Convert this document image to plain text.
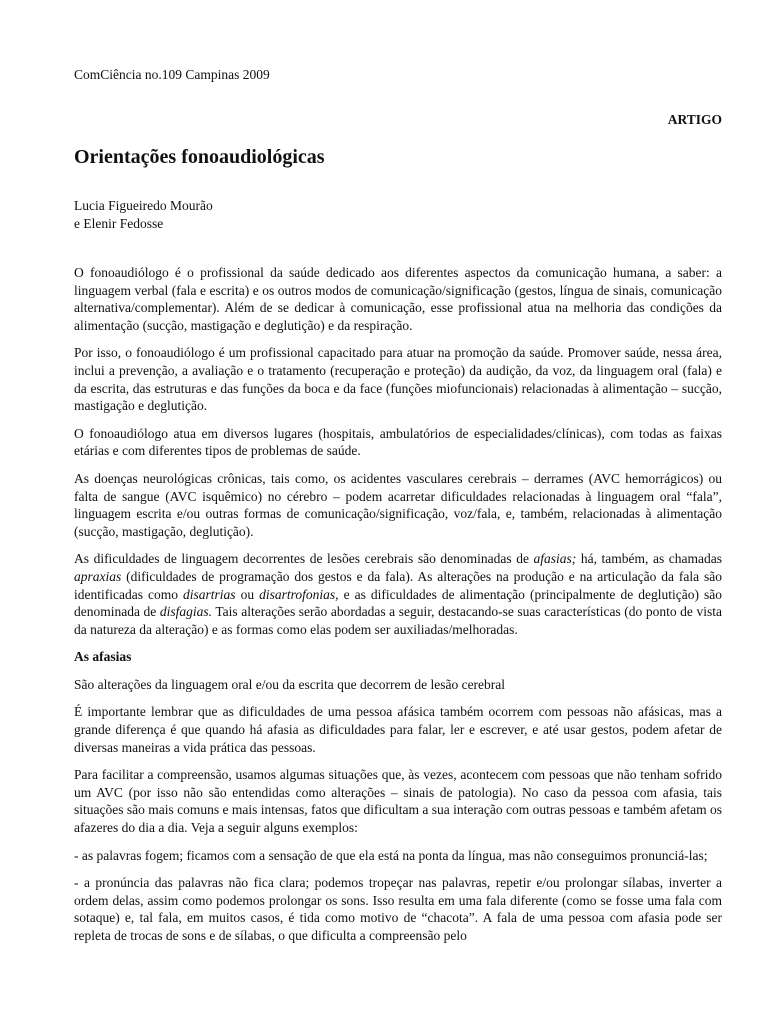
ComCiência no.109 Campinas 2009
ARTIGO
Orientações fonoaudiológicas
Lucia Figueiredo Mourão
e Elenir Fedosse

O fonoaudiólogo é o profissional da saúde dedicado aos diferentes aspectos da comunicação humana, a saber: a linguagem verbal (fala e escrita) e os outros modos de comunicação/significação (gestos, língua de sinais, comunicação alternativa/complementar). Além de se dedicar à comunicação, esse profissional atua na melhoria das condições da alimentação (sucção, mastigação e deglutição) e da respiração.

Por isso, o fonoaudiólogo é um profissional capacitado para atuar na promoção da saúde. Promover saúde, nessa área, inclui a prevenção, a avaliação e o tratamento (recuperação e proteção) da audição, da voz, da linguagem oral (fala) e da escrita, das estruturas e das funções da boca e da face (funções miofuncionais) relacionadas à alimentação – sucção, mastigação e deglutição.

O fonoaudiólogo atua em diversos lugares (hospitais, ambulatórios de especialidades/clínicas), com todas as faixas etárias e com diferentes tipos de problemas de saúde.

As doenças neurológicas crônicas, tais como, os acidentes vasculares cerebrais – derrames (AVC hemorrágicos) ou falta de sangue (AVC isquêmico) no cérebro – podem acarretar dificuldades relacionadas à linguagem oral “fala”, linguagem escrita e/ou outras formas de comunicação/significação, voz/fala, e, também, relacionadas à alimentação (sucção, mastigação, deglutição).

As dificuldades de linguagem decorrentes de lesões cerebrais são denominadas de afasias; há, também, as chamadas apraxias (dificuldades de programação dos gestos e da fala). As alterações na produção e na articulação da fala são identificadas como disartrias ou disartrofonias, e as dificuldades de alimentação (principalmente de deglutição) são denominada de disfagias. Tais alterações serão abordadas a seguir, destacando-se suas características (do ponto de vista da natureza da alteração) e as formas como elas podem ser auxiliadas/melhoradas.

As afasias

São alterações da linguagem oral e/ou da escrita que decorrem de lesão cerebral

É importante lembrar que as dificuldades de uma pessoa afásica também ocorrem com pessoas não afásicas, mas a grande diferença é que quando há afasia as dificuldades para falar, ler e escrever, e até usar gestos, podem afetar de diversas maneiras a vida prática das pessoas.

Para facilitar a compreensão, usamos algumas situações que, às vezes, acontecem com pessoas que não tenham sofrido um AVC (por isso não são entendidas como alterações – sinais de patologia). No caso da pessoa com afasia, tais situações são mais comuns e mais intensas, fatos que dificultam a sua interação com outras pessoas e também afetam os afazeres do dia a dia. Veja a seguir alguns exemplos:

- as palavras fogem; ficamos com a sensação de que ela está na ponta da língua, mas não conseguimos pronunciá-las;

- a pronúncia das palavras não fica clara; podemos tropeçar nas palavras, repetir e/ou prolongar sílabas, inverter a ordem delas, assim como podemos prolongar os sons. Isso resulta em uma fala diferente (como se fosse uma fala com sotaque) e, tal fala, em muitos casos, é tida como motivo de “chacota”. A fala de uma pessoa com afasia pode ser repleta de trocas de sons e de sílabas, o que dificulta a compreensão pelo
